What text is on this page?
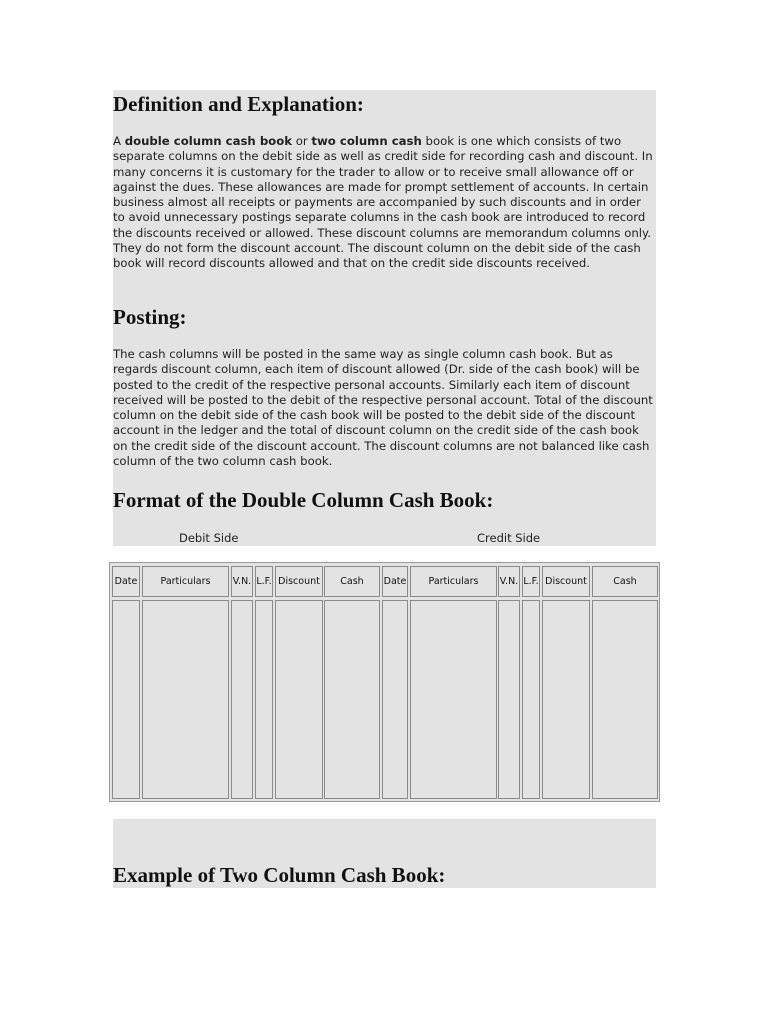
Definition and Explanation:

A double column cash book or two column cash book is one which consists of two separate columns on the debit side as well as credit side for recording cash and discount. In many concerns it is customary for the trader to allow or to receive small allowance off or against the dues. These allowances are made for prompt settlement of accounts. In certain business almost all receipts or payments are accompanied by such discounts and in order to avoid unnecessary postings separate columns in the cash book are introduced to record the discounts received or allowed. These discount columns are memorandum columns only. They do not form the discount account. The discount column on the debit side of the cash book will record discounts allowed and that on the credit side discounts received.

Posting:

The cash columns will be posted in the same way as single column cash book. But as regards discount column, each item of discount allowed (Dr. side of the cash book) will be posted to the credit of the respective personal accounts. Similarly each item of discount received will be posted to the debit of the respective personal account. Total of the discount column on the debit side of the cash book will be posted to the debit side of the discount account in the ledger and the total of discount column on the credit side of the cash book on the credit side of the discount account. The discount columns are not balanced like cash column of the two column cash book.

Format of the Double Column Cash Book:
Debit Side	Credit Side
Date	Particulars	V.N. L.F. Discount	Cash	Date	Particulars	V.N. L.F. Discount	Cash
Example of Two Column Cash Book:
